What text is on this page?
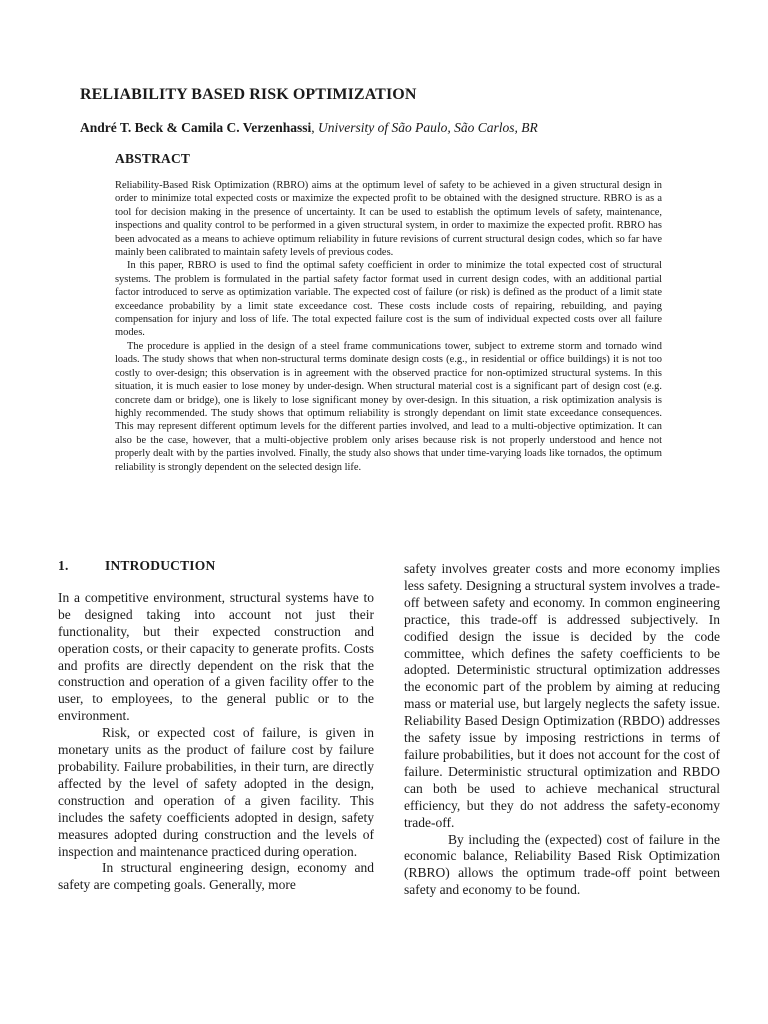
RELIABILITY BASED RISK OPTIMIZATION

André T. Beck & Camila C. Verzenhassi, University of São Paulo, São Carlos, BR

ABSTRACT

Reliability-Based Risk Optimization (RBRO) aims at the optimum level of safety to be achieved in a given structural design in order to minimize total expected costs or maximize the expected profit to be obtained with the designed structure. RBRO is as a tool for decision making in the presence of uncertainty. It can be used to establish the optimum levels of safety, maintenance, inspections and quality control to be performed in a given structural system, in order to maximize the expected profit. RBRO has been advocated as a means to achieve optimum reliability in future revisions of current structural design codes, which so far have mainly been calibrated to maintain safety levels of previous codes.

In this paper, RBRO is used to find the optimal safety coefficient in order to minimize the total expected cost of structural systems. The problem is formulated in the partial safety factor format used in current design codes, with an additional partial factor introduced to serve as optimization variable. The expected cost of failure (or risk) is defined as the product of a limit state exceedance probability by a limit state exceedance cost. These costs include costs of repairing, rebuilding, and paying compensation for injury and loss of life. The total expected failure cost is the sum of individual expected costs over all failure modes.

The procedure is applied in the design of a steel frame communications tower, subject to extreme storm and tornado wind loads. The study shows that when non-structural terms dominate design costs (e.g., in residential or office buildings) it is not too costly to over-design; this observation is in agreement with the observed practice for non-optimized structural systems. In this situation, it is much easier to lose money by under-design. When structural material cost is a significant part of design cost (e.g. concrete dam or bridge), one is likely to lose significant money by over-design. In this situation, a risk optimization analysis is highly recommended. The study shows that optimum reliability is strongly dependant on limit state exceedance consequences. This may represent different optimum levels for the different parties involved, and lead to a multi-objective optimization. It can also be the case, however, that a multi-objective problem only arises because risk is not properly understood and hence not properly dealt with by the parties involved. Finally, the study also shows that under time-varying loads like tornados, the optimum reliability is strongly dependent on the selected design life.

1.	INTRODUCTION

In a competitive environment, structural systems have to be designed taking into account not just their functionality, but their expected construction and operation costs, or their capacity to generate profits. Costs and profits are directly dependent on the risk that the construction and operation of a given facility offer to the user, to employees, to the general public or to the environment.

Risk, or expected cost of failure, is given in monetary units as the product of failure cost by failure probability. Failure probabilities, in their turn, are directly affected by the level of safety adopted in the design, construction and operation of a given facility. This includes the safety coefficients adopted in design, safety measures adopted during construction and the levels of inspection and maintenance practiced during operation.

In structural engineering design, economy and safety are competing goals. Generally, more

safety involves greater costs and more economy implies less safety. Designing a structural system involves a trade-off between safety and economy. In common engineering practice, this trade-off is addressed subjectively. In codified design the issue is decided by the code committee, which defines the safety coefficients to be adopted. Deterministic structural optimization addresses the economic part of the problem by aiming at reducing mass or material use, but largely neglects the safety issue. Reliability Based Design Optimization (RBDO) addresses the safety issue by imposing restrictions in terms of failure probabilities, but it does not account for the cost of failure. Deterministic structural optimization and RBDO can both be used to achieve mechanical structural efficiency, but they do not address the safety-economy trade-off.

By including the (expected) cost of failure in the economic balance, Reliability Based Risk Optimization (RBRO) allows the optimum trade-off point between safety and economy to be found.
